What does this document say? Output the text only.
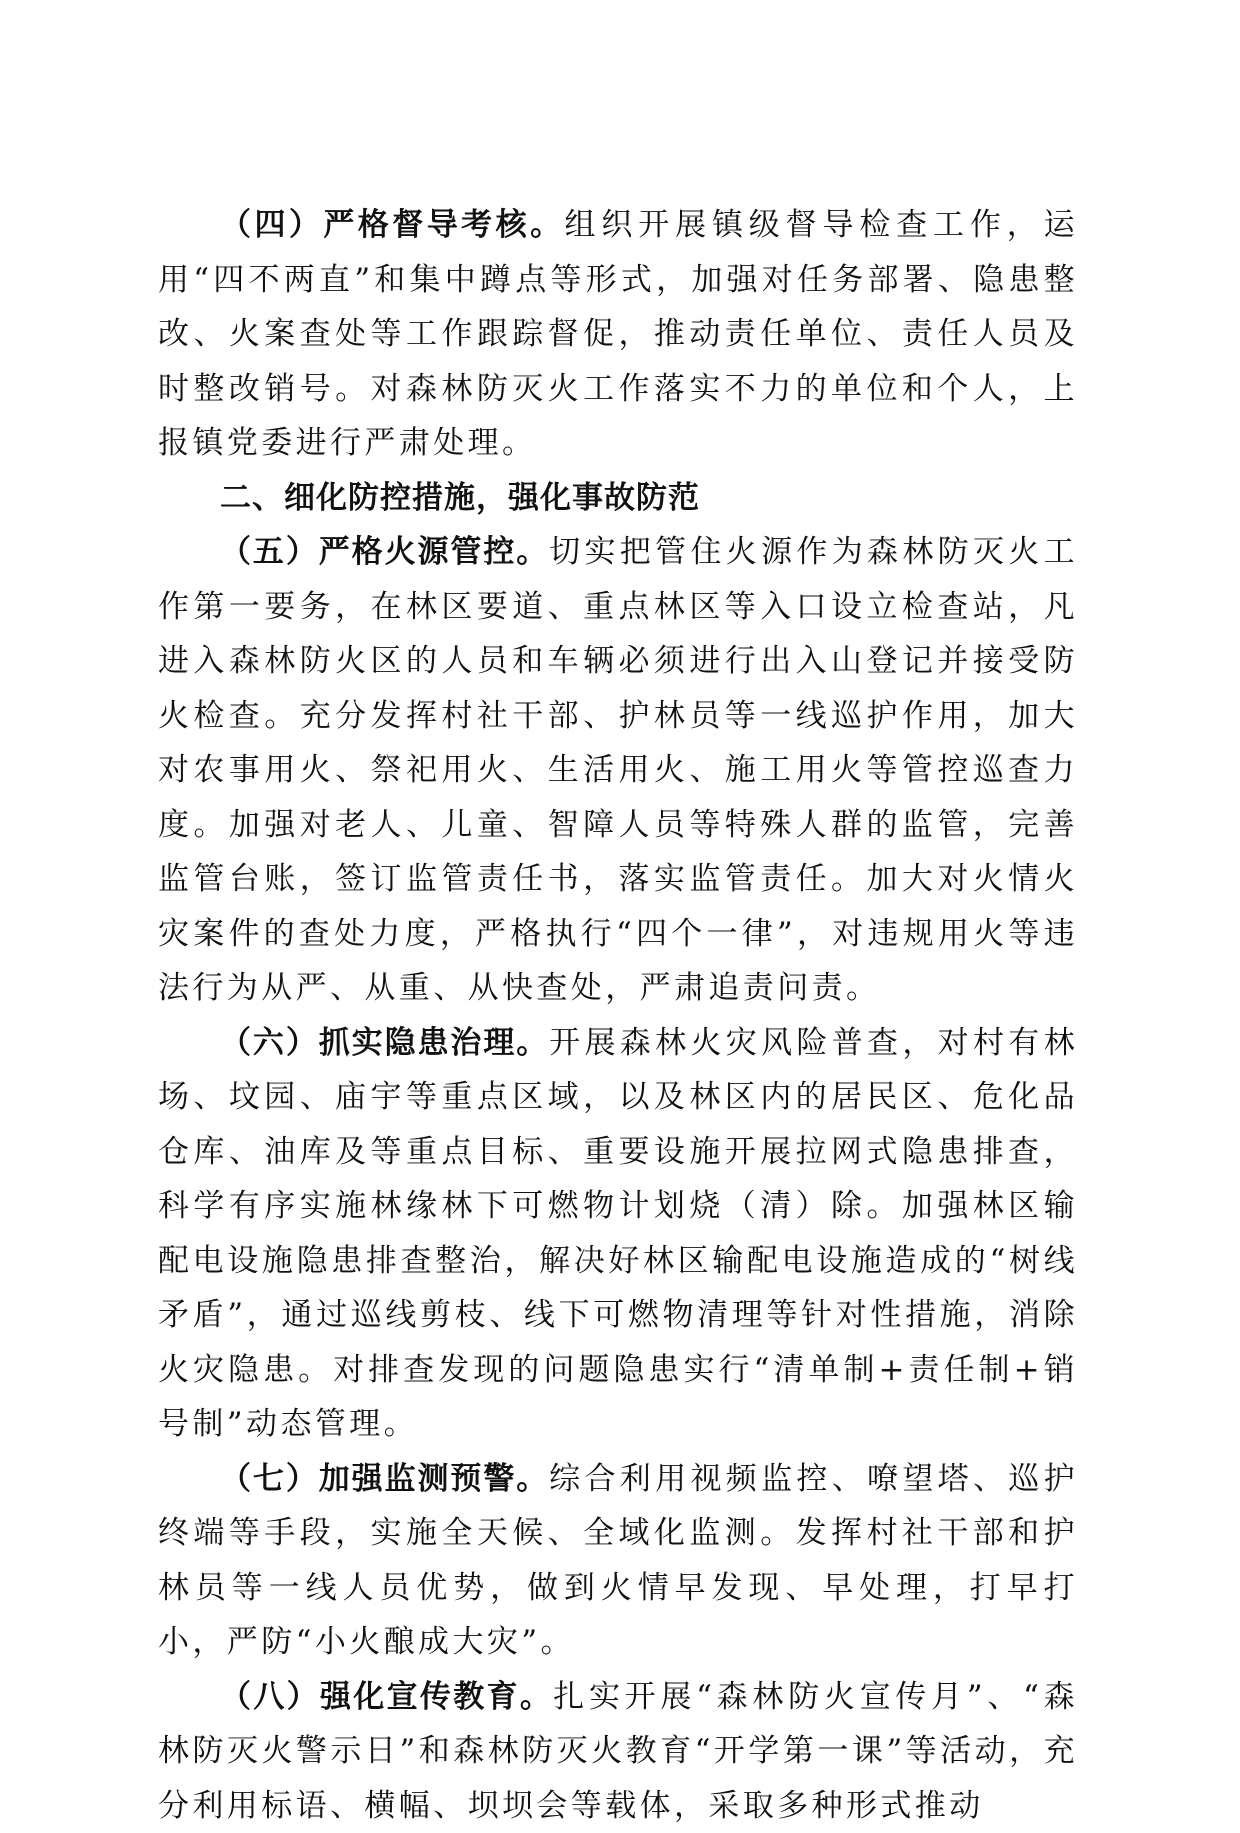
（四）严格督导考核。组织开展镇级督导检查工作，运用“四不两直”和集中蹲点等形式，加强对任务部署、隐患整改、火案查处等工作跟踪督促，推动责任单位、责任人员及时整改销号。对森林防灭火工作落实不力的单位和个人，上报镇党委进行严肃处理。

二、细化防控措施，强化事故防范

（五）严格火源管控。切实把管住火源作为森林防灭火工作第一要务，在林区要道、重点林区等入口设立检查站，凡进入森林防火区的人员和车辆必须进行出入山登记并接受防火检查。充分发挥村社干部、护林员等一线巡护作用，加大对农事用火、祭祀用火、生活用火、施工用火等管控巡查力度。加强对老人、儿童、智障人员等特殊人群的监管，完善监管台账，签订监管责任书，落实监管责任。加大对火情火灾案件的查处力度，严格执行“四个一律”，对违规用火等违法行为从严、从重、从快查处，严肃追责问责。

（六）抓实隐患治理。开展森林火灾风险普查，对村有林场、坟园、庙宇等重点区域，以及林区内的居民区、危化品仓库、油库及等重点目标、重要设施开展拉网式隐患排查，科学有序实施林缘林下可燃物计划烧（清）除。加强林区输配电设施隐患排查整治，解决好林区输配电设施造成的“树线矛盾”，通过巡线剪枝、线下可燃物清理等针对性措施，消除火灾隐患。对排查发现的问题隐患实行“清单制+责任制+销号制”动态管理。

（七）加强监测预警。综合利用视频监控、嘹望塔、巡护终端等手段，实施全天候、全域化监测。发挥村社干部和护林员等一线人员优势，做到火情早发现、早处理，打早打小，严防“小火酿成大灾”。

（八）强化宣传教育。扎实开展“森林防火宣传月”、“森林防灭火警示日”和森林防灭火教育“开学第一课”等活动，充分利用标语、横幅、坝坝会等载体，采取多种形式推动
